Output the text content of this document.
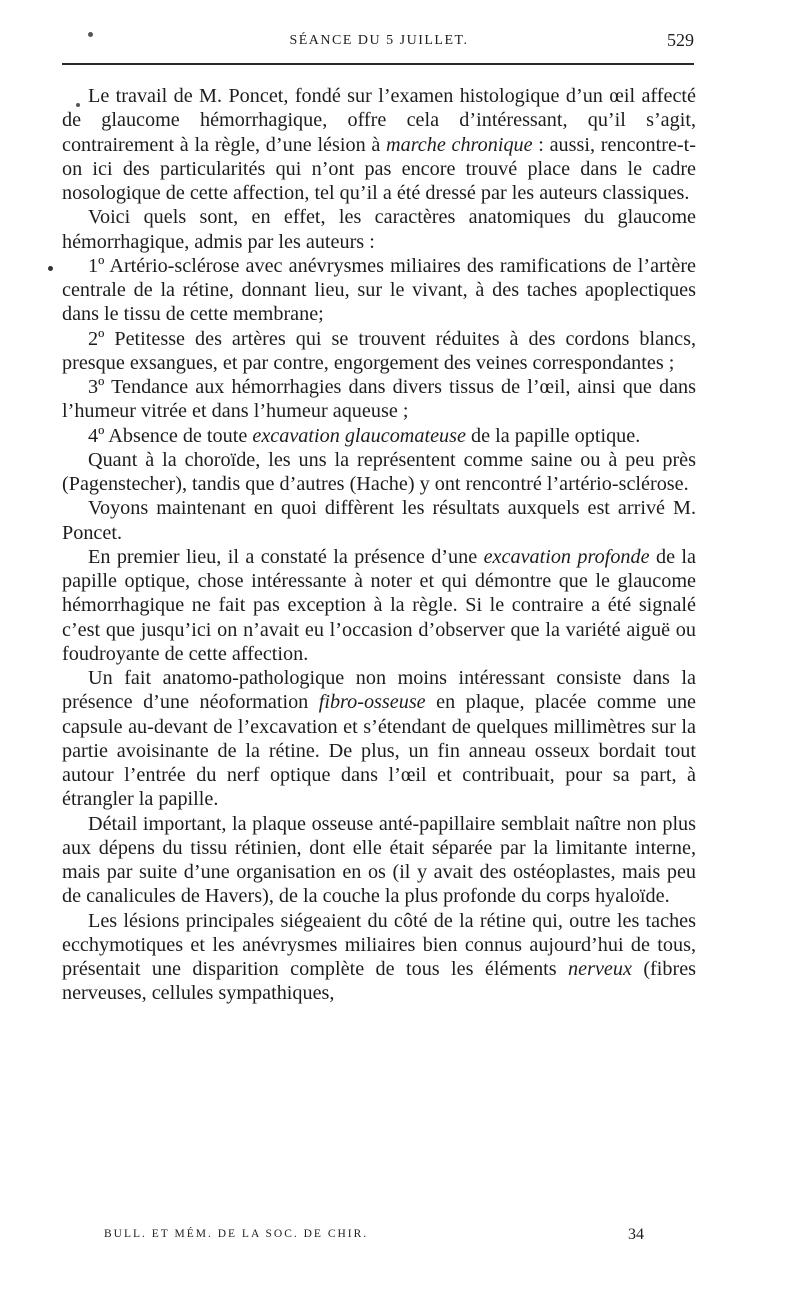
SÉANCE DU 5 JUILLET.	529

Le travail de M. Poncet, fondé sur l’examen histologique d’un œil affecté de glaucome hémorrhagique, offre cela d’intéressant, qu’il s’agit, contrairement à la règle, d’une lésion à marche chronique : aussi, rencontre-t-on ici des particularités qui n’ont pas encore trouvé place dans le cadre nosologique de cette affection, tel qu’il a été dressé par les auteurs classiques.

Voici quels sont, en effet, les caractères anatomiques du glaucome hémorrhagique, admis par les auteurs :

1º Artério-sclérose avec anévrysmes miliaires des ramifications de l’artère centrale de la rétine, donnant lieu, sur le vivant, à des taches apoplectiques dans le tissu de cette membrane;

2º Petitesse des artères qui se trouvent réduites à des cordons blancs, presque exsangues, et par contre, engorgement des veines correspondantes ;

3º Tendance aux hémorrhagies dans divers tissus de l’œil, ainsi que dans l’humeur vitrée et dans l’humeur aqueuse ;

4º Absence de toute excavation glaucomateuse de la papille optique.

Quant à la choroïde, les uns la représentent comme saine ou à peu près (Pagenstecher), tandis que d’autres (Hache) y ont rencontré l’artério-sclérose.

Voyons maintenant en quoi diffèrent les résultats auxquels est arrivé M. Poncet.

En premier lieu, il a constaté la présence d’une excavation profonde de la papille optique, chose intéressante à noter et qui démontre que le glaucome hémorrhagique ne fait pas exception à la règle. Si le contraire a été signalé c’est que jusqu’ici on n’avait eu l’occasion d’observer que la variété aiguë ou foudroyante de cette affection.

Un fait anatomo-pathologique non moins intéressant consiste dans la présence d’une néoformation fibro-osseuse en plaque, placée comme une capsule au-devant de l’excavation et s’étendant de quelques millimètres sur la partie avoisinante de la rétine. De plus, un fin anneau osseux bordait tout autour l’entrée du nerf optique dans l’œil et contribuait, pour sa part, à étrangler la papille.

Détail important, la plaque osseuse anté-papillaire semblait naître non plus aux dépens du tissu rétinien, dont elle était séparée par la limitante interne, mais par suite d’une organisation en os (il y avait des ostéoplastes, mais peu de canalicules de Havers), de la couche la plus profonde du corps hyaloïde.

Les lésions principales siégeaient du côté de la rétine qui, outre les taches ecchymotiques et les anévrysmes miliaires bien connus aujourd’hui de tous, présentait une disparition complète de tous les éléments nerveux (fibres nerveuses, cellules sympathiques,

BULL. ET MÉM. DE LA SOC. DE CHIR.	34
